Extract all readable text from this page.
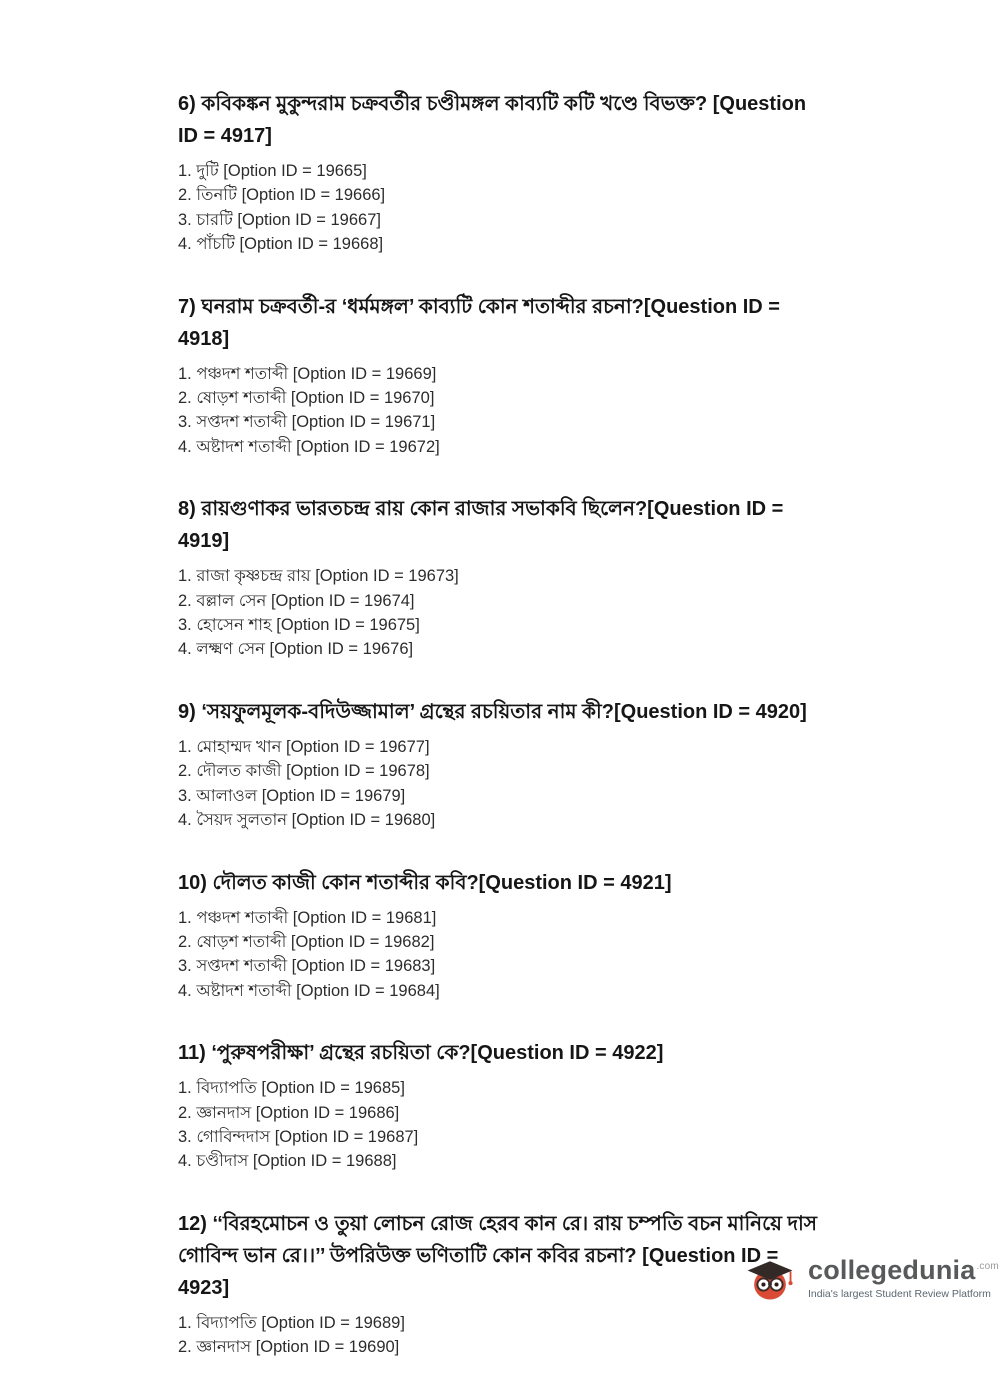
6) কবিকঙ্কন মুকুন্দরাম চক্রবর্তীর চণ্ডীমঙ্গল কাব্যটি কটি খণ্ডে বিভক্ত? [Question ID = 4917]
1. দুটি [Option ID = 19665]
2. তিনটি [Option ID = 19666]
3. চারটি [Option ID = 19667]
4. পাঁচটি [Option ID = 19668]
7) ঘনরাম চক্রবর্তী-র ‘ধর্মমঙ্গল’ কাব্যটি কোন শতাব্দীর রচনা?[Question ID = 4918]
1. পঞ্চদশ শতাব্দী [Option ID = 19669]
2. ষোড়শ শতাব্দী [Option ID = 19670]
3. সপ্তদশ শতাব্দী [Option ID = 19671]
4. অষ্টাদশ শতাব্দী [Option ID = 19672]
8) রায়গুণাকর ভারতচন্দ্র রায় কোন রাজার সভাকবি ছিলেন?[Question ID = 4919]
1. রাজা কৃষ্ণচন্দ্র রায় [Option ID = 19673]
2. বল্লাল সেন [Option ID = 19674]
3. হোসেন শাহ [Option ID = 19675]
4. লক্ষ্মণ সেন [Option ID = 19676]
9) ‘সয়ফুলমূলক-বদিউজ্জামাল’ গ্রন্থের রচয়িতার নাম কী?[Question ID = 4920]
1. মোহাম্মদ খান [Option ID = 19677]
2. দৌলত কাজী [Option ID = 19678]
3. আলাওল [Option ID = 19679]
4. সৈয়দ সুলতান [Option ID = 19680]
10) দৌলত কাজী কোন শতাব্দীর কবি?[Question ID = 4921]
1. পঞ্চদশ শতাব্দী [Option ID = 19681]
2. ষোড়শ শতাব্দী [Option ID = 19682]
3. সপ্তদশ শতাব্দী [Option ID = 19683]
4. অষ্টাদশ শতাব্দী [Option ID = 19684]
11) ‘পুরুষপরীক্ষা’ গ্রন্থের রচয়িতা কে?[Question ID = 4922]
1. বিদ্যাপতি [Option ID = 19685]
2. জ্ঞানদাস [Option ID = 19686]
3. গোবিন্দদাস [Option ID = 19687]
4. চণ্ডীদাস [Option ID = 19688]
12) ‘‘বিরহমোচন ও তুয়া লোচন রোজ হেরব কান রে। রায় চম্পতি বচন মানিয়ে দাস গোবিন্দ ভান রে।।’’ উপরিউক্ত ভণিতাটি কোন কবির রচনা? [Question ID = 4923]
1. বিদ্যাপতি [Option ID = 19689]
2. জ্ঞানদাস [Option ID = 19690]
collegedunia$^{.com}$
India's largest Student Review Platform
